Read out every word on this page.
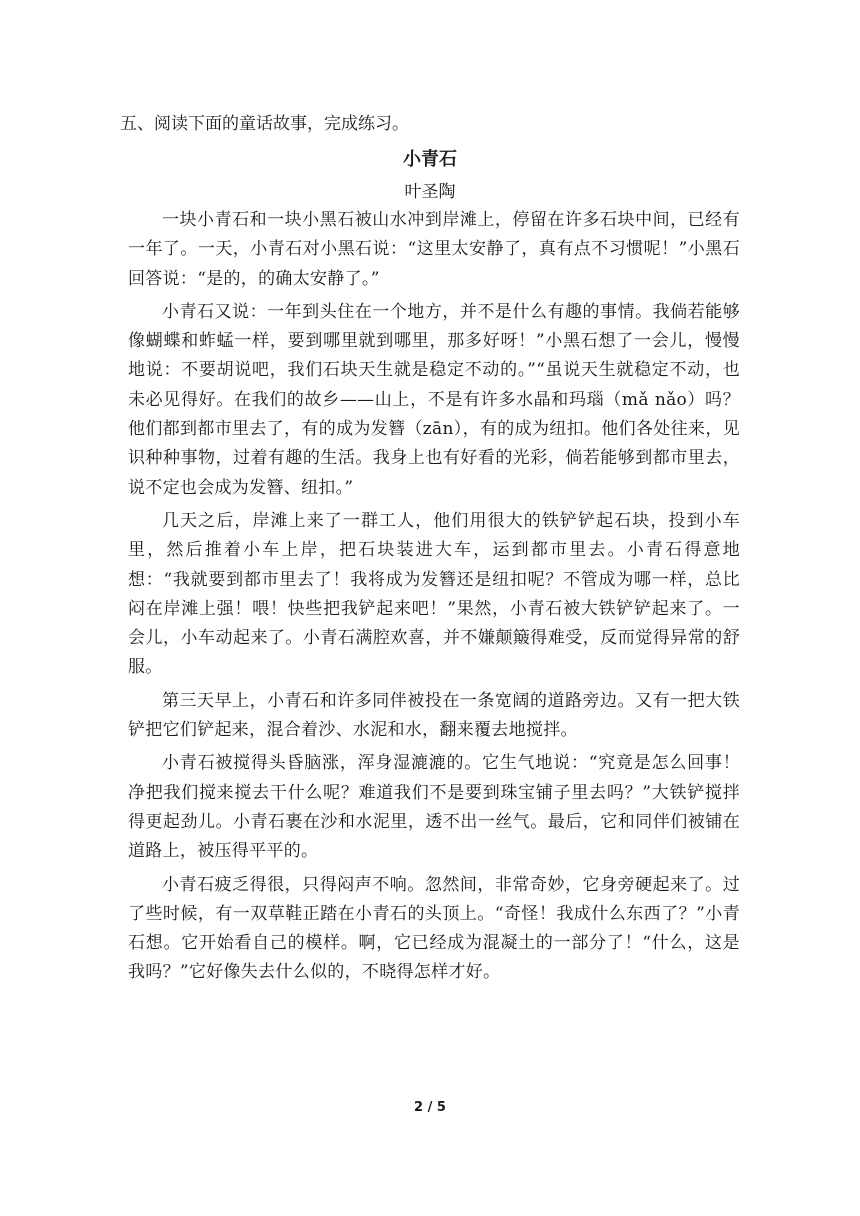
五、阅读下面的童话故事，完成练习。

小青石

叶圣陶

一块小青石和一块小黑石被山水冲到岸滩上，停留在许多石块中间，已经有一年了。一天，小青石对小黑石说：“这里太安静了，真有点不习惯呢！”小黑石回答说：“是的，的确太安静了。”

小青石又说：一年到头住在一个地方，并不是什么有趣的事情。我倘若能够像蝴蝶和蚱蜢一样，要到哪里就到哪里，那多好呀！”小黑石想了一会儿，慢慢地说：不要胡说吧，我们石块天生就是稳定不动的。”“虽说天生就稳定不动，也未必见得好。在我们的故乡——山上，不是有许多水晶和玛瑙（mǎ nǎo）吗？他们都到都市里去了，有的成为发簪（zān），有的成为纽扣。他们各处往来，见识种种事物，过着有趣的生活。我身上也有好看的光彩，倘若能够到都市里去，说不定也会成为发簪、纽扣。”

几天之后，岸滩上来了一群工人，他们用很大的铁铲铲起石块，投到小车里，然后推着小车上岸，把石块装进大车，运到都市里去。小青石得意地想：“我就要到都市里去了！我将成为发簪还是纽扣呢？不管成为哪一样，总比闷在岸滩上强！喂！快些把我铲起来吧！”果然，小青石被大铁铲铲起来了。一会儿，小车动起来了。小青石满腔欢喜，并不嫌颠簸得难受，反而觉得异常的舒服。

第三天早上，小青石和许多同伴被投在一条宽阔的道路旁边。又有一把大铁铲把它们铲起来，混合着沙、水泥和水，翻来覆去地搅拌。

小青石被搅得头昏脑涨，浑身湿漉漉的。它生气地说：“究竟是怎么回事！净把我们搅来搅去干什么呢？难道我们不是要到珠宝铺子里去吗？”大铁铲搅拌得更起劲儿。小青石裹在沙和水泥里，透不出一丝气。最后，它和同伴们被铺在道路上，被压得平平的。

小青石疲乏得很，只得闷声不响。忽然间，非常奇妙，它身旁硬起来了。过了些时候，有一双草鞋正踏在小青石的头顶上。“奇怪！我成什么东西了？”小青石想。它开始看自己的模样。啊，它已经成为混凝土的一部分了！“什么，这是我吗？”它好像失去什么似的，不晓得怎样才好。

2 / 5
